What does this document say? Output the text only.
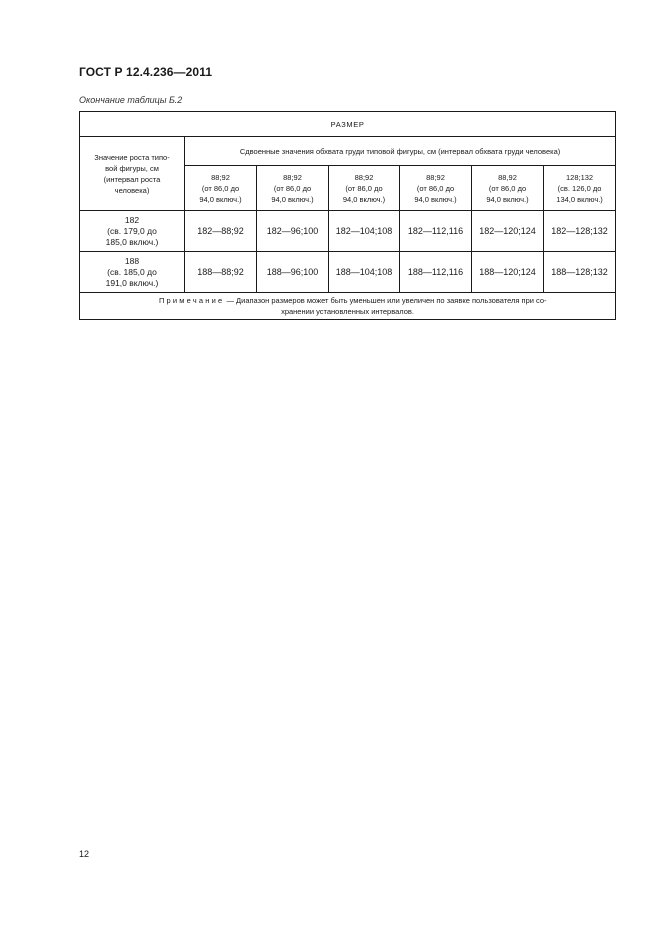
ГОСТ Р 12.4.236—2011
Окончание таблицы Б.2
РАЗМЕР						
Значение роста типо-
вой фигуры, см
(интервал роста
человека)	Сдвоенные значения обхвата груди типовой фигуры, см (интервал обхвата груди человека)					
	88;92
(от 86,0 до
94,0 включ.)	88;92
(от 86,0 до
94,0 включ.)	88;92
(от 86,0 до
94,0 включ.)	88;92
(от 86,0 до
94,0 включ.)	88,92
(от 86,0 до
94,0 включ.)	128;132
(св. 126,0 до
134,0 включ.)
182
(св. 179,0 до
185,0 включ.)	182—88;92	182—96;100	182—104;108	182—112,116	182—120;124	182—128;132
188
(св. 185,0 до
191,0 включ.)	188—88;92	188—96;100	188—104;108	188—112,116	188—120;124	188—128;132
Примечание — Диапазон размеров может быть уменьшен или увеличен по заявке пользователя при со-
хранении установленных интервалов.						
12
